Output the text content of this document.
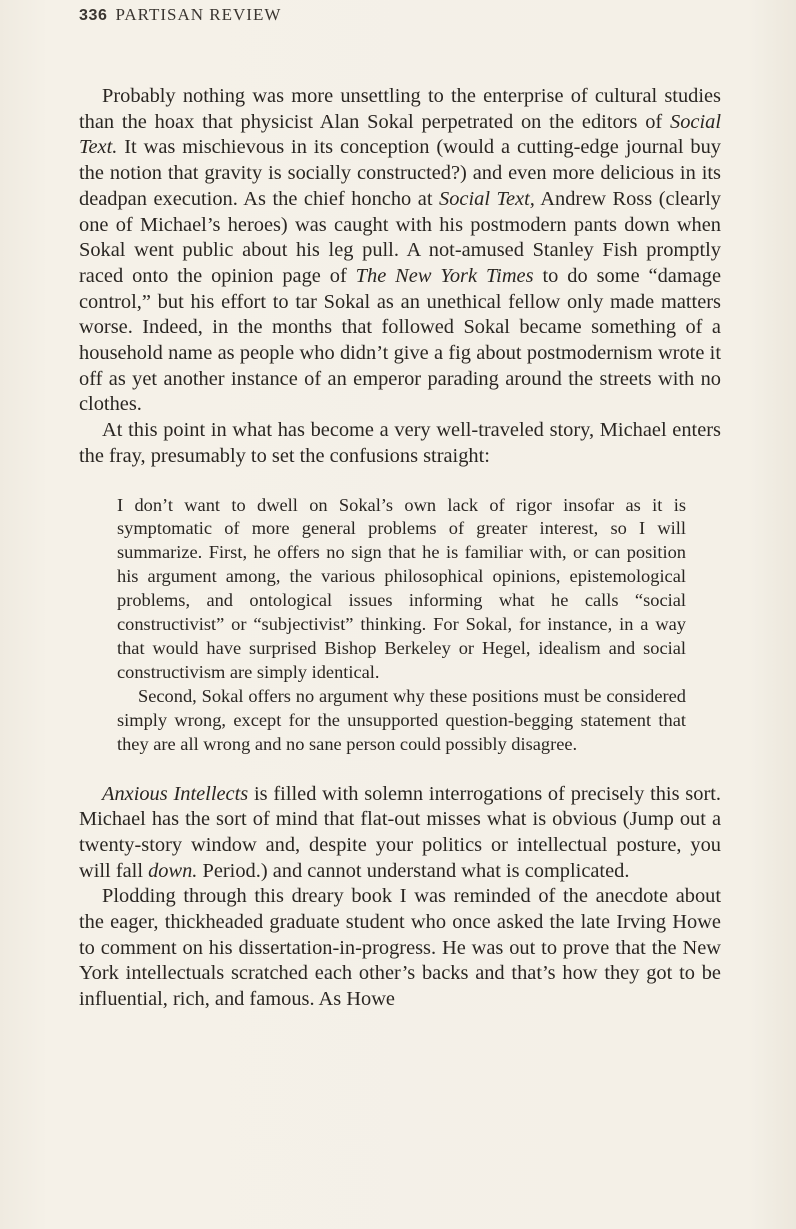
336 PARTISAN REVIEW

Probably nothing was more unsettling to the enterprise of cultural studies than the hoax that physicist Alan Sokal perpetrated on the editors of Social Text. It was mischievous in its conception (would a cutting-edge journal buy the notion that gravity is socially constructed?) and even more delicious in its deadpan execution. As the chief honcho at Social Text, Andrew Ross (clearly one of Michael’s heroes) was caught with his postmodern pants down when Sokal went public about his leg pull. A not-amused Stanley Fish promptly raced onto the opinion page of The New York Times to do some “damage control,” but his effort to tar Sokal as an unethical fellow only made matters worse. Indeed, in the months that followed Sokal became something of a household name as people who didn’t give a fig about postmodernism wrote it off as yet another instance of an emperor parading around the streets with no clothes.

At this point in what has become a very well-traveled story, Michael enters the fray, presumably to set the confusions straight:

I don’t want to dwell on Sokal’s own lack of rigor insofar as it is symptomatic of more general problems of greater interest, so I will summarize. First, he offers no sign that he is familiar with, or can position his argument among, the various philosophical opinions, epistemological problems, and ontological issues informing what he calls “social constructivist” or “subjectivist” thinking. For Sokal, for instance, in a way that would have surprised Bishop Berkeley or Hegel, idealism and social constructivism are simply identical.

Second, Sokal offers no argument why these positions must be considered simply wrong, except for the unsupported question-begging statement that they are all wrong and no sane person could possibly disagree.

Anxious Intellects is filled with solemn interrogations of precisely this sort. Michael has the sort of mind that flat-out misses what is obvious (Jump out a twenty-story window and, despite your politics or intellectual posture, you will fall down. Period.) and cannot understand what is complicated.

Plodding through this dreary book I was reminded of the anecdote about the eager, thickheaded graduate student who once asked the late Irving Howe to comment on his dissertation-in-progress. He was out to prove that the New York intellectuals scratched each other’s backs and that’s how they got to be influential, rich, and famous. As Howe
